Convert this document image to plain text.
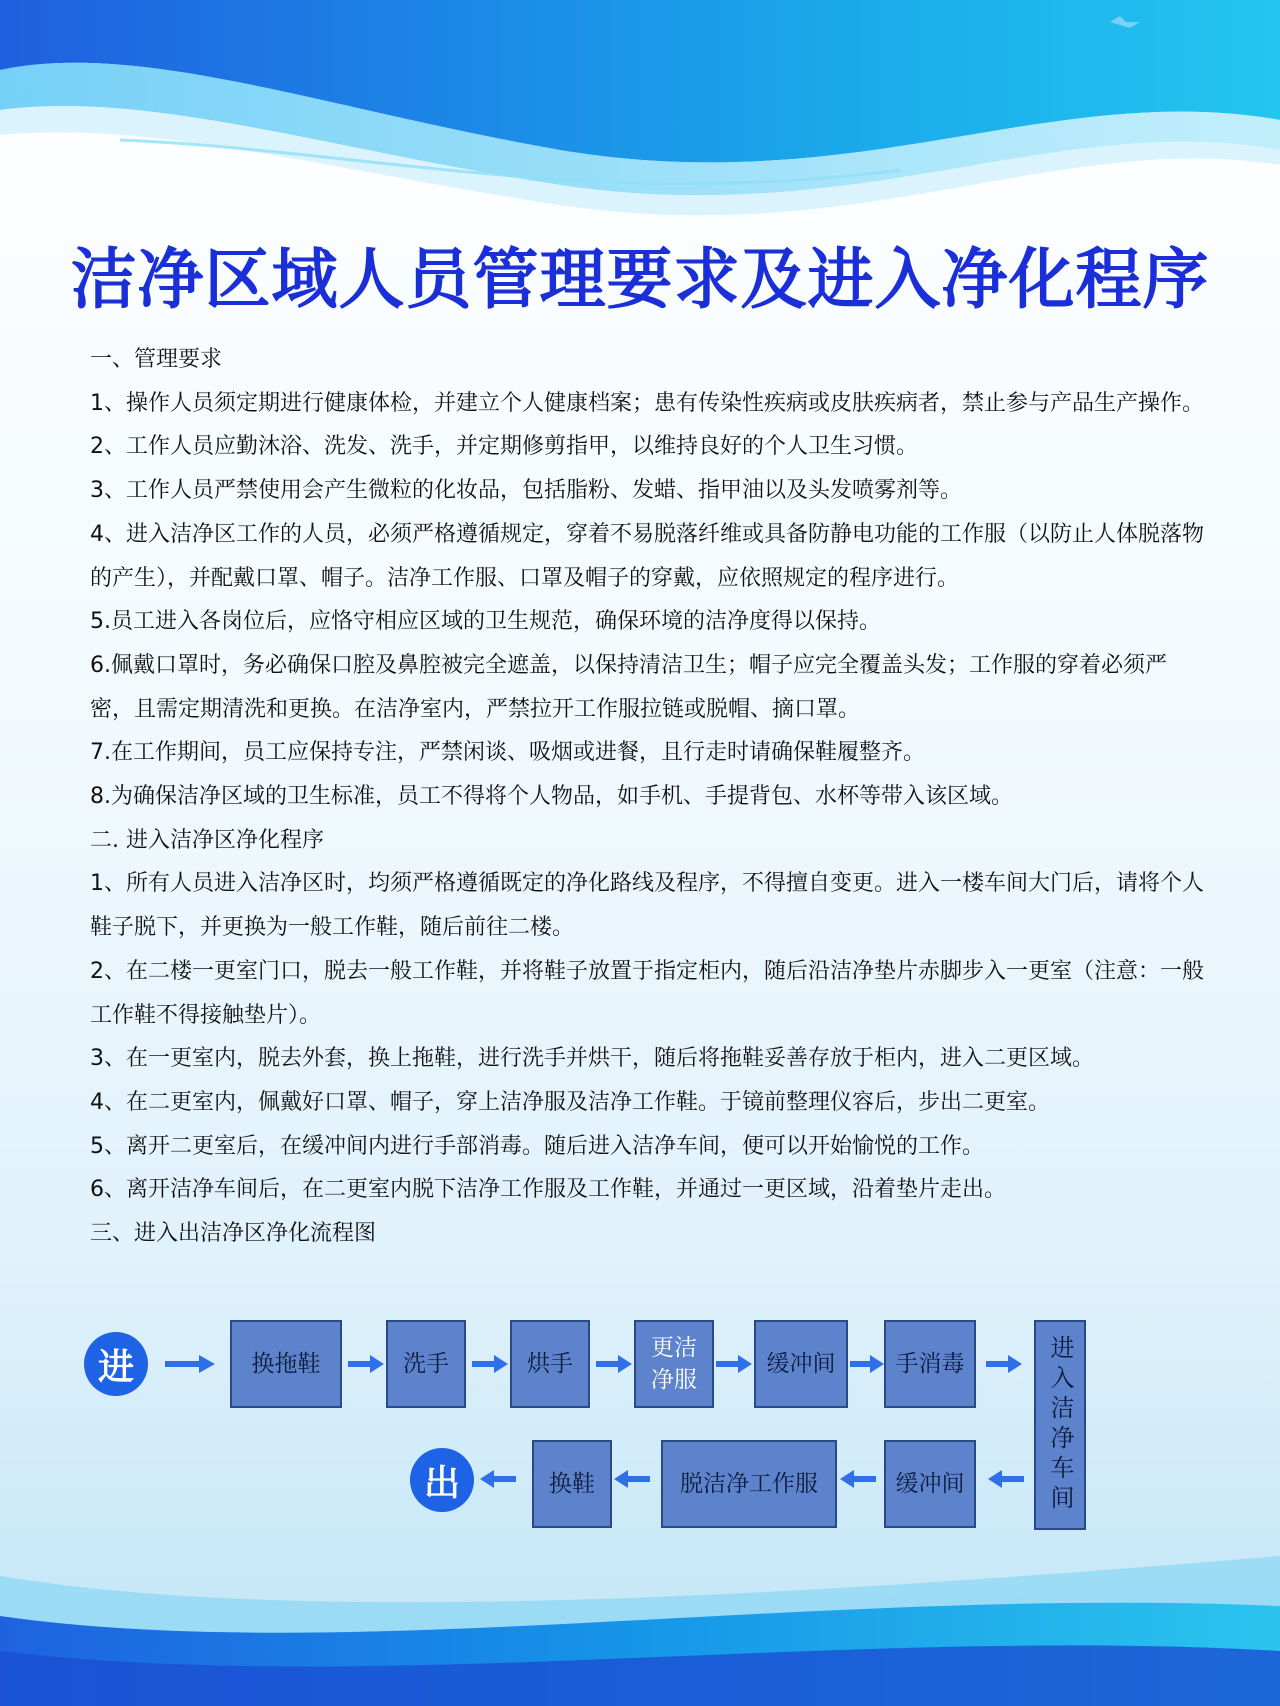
洁净区域人员管理要求及进入净化程序

一、管理要求

1、操作人员须定期进行健康体检，并建立个人健康档案；患有传染性疾病或皮肤疾病者，禁止参与产品生产操作。

2、工作人员应勤沐浴、洗发、洗手，并定期修剪指甲，以维持良好的个人卫生习惯。

3、工作人员严禁使用会产生微粒的化妆品，包括脂粉、发蜡、指甲油以及头发喷雾剂等。

4、进入洁净区工作的人员，必须严格遵循规定，穿着不易脱落纤维或具备防静电功能的工作服（以防止人体脱落物的产生），并配戴口罩、帽子。洁净工作服、口罩及帽子的穿戴，应依照规定的程序进行。

5.员工进入各岗位后，应恪守相应区域的卫生规范，确保环境的洁净度得以保持。

6.佩戴口罩时，务必确保口腔及鼻腔被完全遮盖，以保持清洁卫生；帽子应完全覆盖头发；工作服的穿着必须严密，且需定期清洗和更换。在洁净室内，严禁拉开工作服拉链或脱帽、摘口罩。

7.在工作期间，员工应保持专注，严禁闲谈、吸烟或进餐，且行走时请确保鞋履整齐。

8.为确保洁净区域的卫生标准，员工不得将个人物品，如手机、手提背包、水杯等带入该区域。

二. 进入洁净区净化程序

1、所有人员进入洁净区时，均须严格遵循既定的净化路线及程序，不得擅自变更。进入一楼车间大门后，请将个人鞋子脱下，并更换为一般工作鞋，随后前往二楼。

2、在二楼一更室门口，脱去一般工作鞋，并将鞋子放置于指定柜内，随后沿洁净垫片赤脚步入一更室（注意：一般工作鞋不得接触垫片）。

3、在一更室内，脱去外套，换上拖鞋，进行洗手并烘干，随后将拖鞋妥善存放于柜内，进入二更区域。

4、在二更室内，佩戴好口罩、帽子，穿上洁净服及洁净工作鞋。于镜前整理仪容后，步出二更室。

5、离开二更室后，在缓冲间内进行手部消毒。随后进入洁净车间，便可以开始愉悦的工作。

6、离开洁净车间后，在二更室内脱下洁净工作服及工作鞋，并通过一更区域，沿着垫片走出。

三、进入出洁净区净化流程图

进	换拖鞋	洗手	烘手
更洁净服
缓冲间	手消毒	进入洁净车间
缓冲间
脱洁净工作服
换鞋
出
